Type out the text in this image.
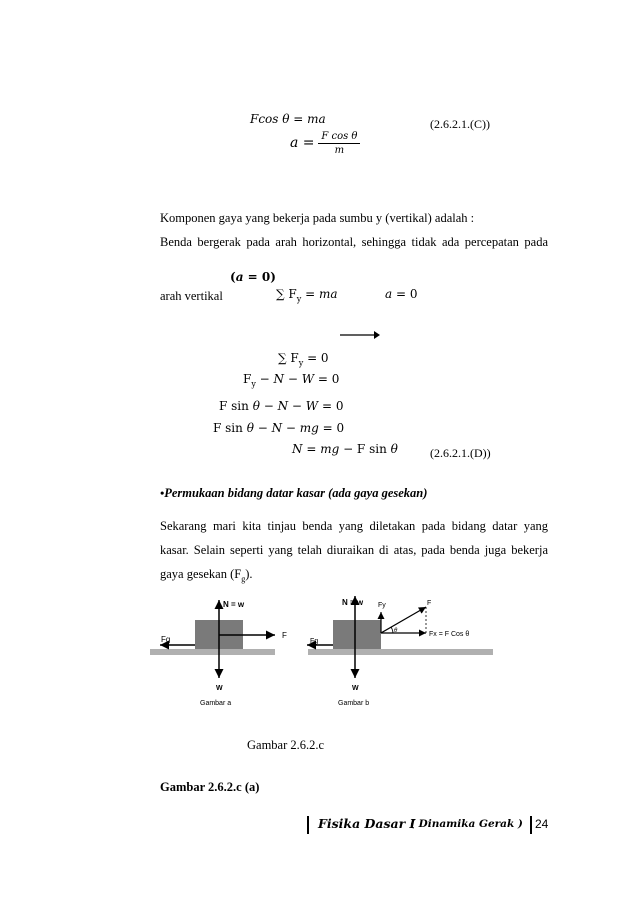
Fcos θ = ma
$a = \frac{\text{F cos θ}}{m}$
(2.6.2.1.(C))
Komponen gaya yang bekerja pada sumbu y (vertikal) adalah :
Benda bergerak pada arah horizontal, sehingga tidak ada percepatan pada
(a = 0)
arah vertikal	∑ $F_y$ = ma	a = 0
∑ $F_y = 0$
$F_y - N - W = 0$
F sin θ − N − W = 0
F sin θ − N − mg = 0
N = mg − F sin θ	(2.6.2.1.(D))
•Permukaan bidang datar kasar (ada gaya gesekan)
Sekarang mari kita tinjau benda yang diletakan pada bidang datar yang
kasar. Selain seperti yang telah diuraikan di atas, pada benda juga bekerja
gaya gesekan $(F_g)$.
N = w
F
Fg
W
Gambar a
θ
N = w Fy	F
Fx = F Cos θ
Fg
W
Gambar b
Gambar 2.6.2.c
Gambar 2.6.2.c (a)
Fisika Dasar I
( Dinamika Gerak ) 24
